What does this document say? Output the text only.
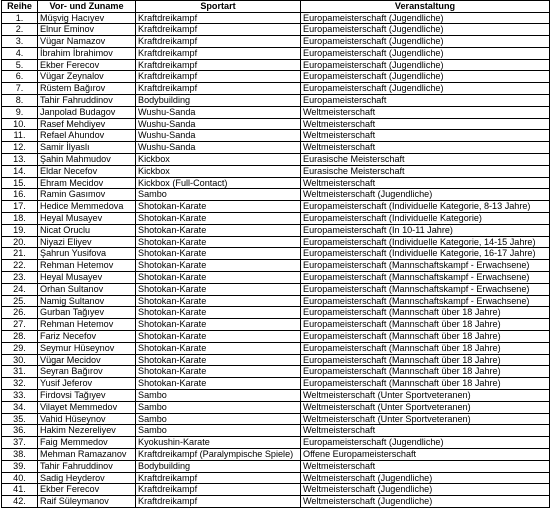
Reihe	Vor- und Zuname	Sportart	Veranstaltung
1.	Müşvig Hacıyev	Kraftdreikampf	Europameisterschaft (Jugendliche)
2.	Elnur Eminov	Kraftdreikampf	Europameisterschaft (Jugendliche)
3.	Vügar Namazov	Kraftdreikampf	Europameisterschaft (Jugendliche)
4.	İbrahim İbrahimov	Kraftdreikampf	Europameisterschaft (Jugendliche)
5.	Ekber Ferecov	Kraftdreikampf	Europameisterschaft (Jugendliche)
6.	Vügar Zeynalov	Kraftdreikampf	Europameisterschaft (Jugendliche)
7.	Rüstem Bağırov	Kraftdreikampf	Europameisterschaft (Jugendliche)
8.	Tahir Fahruddinov	Bodybuilding	Europameisterschaft
9.	Janpolad Budagov	Wushu-Sanda	Weltmeisterschaft
10.	Rasef Mehdiyev	Wushu-Sanda	Weltmeisterschaft
11.	Refael Ahundov	Wushu-Sanda	Weltmeisterschaft
12.	Samir İlyaslı	Wushu-Sanda	Weltmeisterschaft
13.	Şahin Mahmudov	Kickbox	Eurasische Meisterschaft
14.	Eldar Necefov	Kickbox	Eurasische Meisterschaft
15.	Ehram Mecidov	Kickbox (Full-Contact)	Weltmeisterschaft
16.	Ramin Gasımov	Sambo	Weltmeisterschaft (Jugendliche)
17.	Hedice Memmedova	Shotokan-Karate	Europameisterschaft (Individuelle Kategorie, 8-13 Jahre)
18.	Heyal Musayev	Shotokan-Karate	Europameisterschaft (Individuelle Kategorie)
19.	Nicat Oruclu	Shotokan-Karate	Europameisterschaft (In 10-11 Jahre)
20.	Niyazi Eliyev	Shotokan-Karate	Europameisterschaft (Individuelle Kategorie, 14-15 Jahre)
21.	Şahrun Yusifova	Shotokan-Karate	Europameisterschaft (Individuelle Kategorie, 16-17 Jahre)
22.	Rehman Hetemov	Shotokan-Karate	Europameisterschaft (Mannschaftskampf - Erwachsene)
23.	Heyal Musayev	Shotokan-Karate	Europameisterschaft (Mannschaftskampf - Erwachsene)
24.	Orhan Sultanov	Shotokan-Karate	Europameisterschaft (Mannschaftskampf - Erwachsene)
25.	Namig Sultanov	Shotokan-Karate	Europameisterschaft (Mannschaftskampf - Erwachsene)
26.	Gurban Tağıyev	Shotokan-Karate	Europameisterschaft (Mannschaft über 18 Jahre)
27.	Rehman Hetemov	Shotokan-Karate	Europameisterschaft (Mannschaft über 18 Jahre)
28.	Fariz Necefov	Shotokan-Karate	Europameisterschaft (Mannschaft über 18 Jahre)
29.	Seymur Hüseynov	Shotokan-Karate	Europameisterschaft (Mannschaft über 18 Jahre)
30.	Vügar Mecidov	Shotokan-Karate	Europameisterschaft (Mannschaft über 18 Jahre)
31.	Seyran Bağırov	Shotokan-Karate	Europameisterschaft (Mannschaft über 18 Jahre)
32.	Yusif Jeferov	Shotokan-Karate	Europameisterschaft (Mannschaft über 18 Jahre)
33.	Firdovsi Tağıyev	Sambo	Weltmeisterschaft (Unter Sportveteranen)
34.	Vilayet Memmedov	Sambo	Weltmeisterschaft (Unter Sportveteranen)
35.	Vahid Hüseynov	Sambo	Weltmeisterschaft (Unter Sportveteranen)
36.	Hakim Nezereliyev	Sambo	Weltmeisterschaft
37.	Faig Memmedov	Kyokushin-Karate	Europameisterschaft (Jugendliche)
38.	Mehman Ramazanov	Kraftdreikampf (Paralympische Spiele)	Offene Europameisterschaft
39.	Tahir Fahruddinov	Bodybuilding	Weltmeisterschaft
40.	Sadig Heyderov	Kraftdreikampf	Weltmeisterschaft (Jugendliche)
41.	Ekber Ferecov	Kraftdreikampf	Weltmeisterschaft (Jugendliche)
42.	Raif Süleymanov	Kraftdreikampf	Weltmeisterschaft (Jugendliche)
